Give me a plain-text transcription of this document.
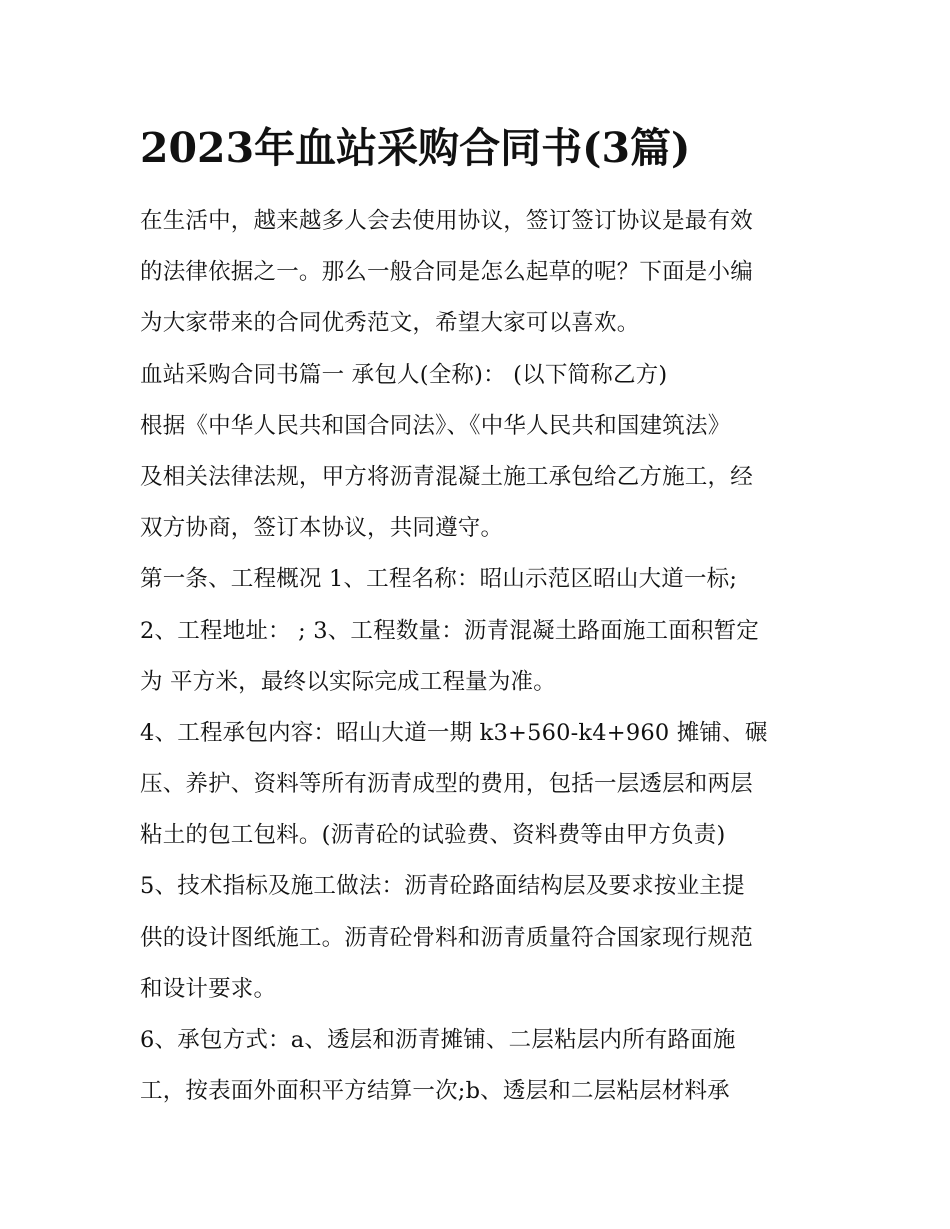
2023年血站采购合同书(3篇)
在生活中，越来越多人会去使用协议，签订签订协议是最有效
的法律依据之一。那么一般合同是怎么起草的呢？下面是小编
为大家带来的合同优秀范文，希望大家可以喜欢。
血站采购合同书篇一 承包人(全称)： (以下简称乙方)
根据《中华人民共和国合同法》、《中华人民共和国建筑法》
及相关法律法规，甲方将沥青混凝土施工承包给乙方施工，经
双方协商，签订本协议，共同遵守。
第一条、工程概况 1、工程名称：昭山示范区昭山大道一标;
2、工程地址： ; 3、工程数量：沥青混凝土路面施工面积暂定
为 平方米，最终以实际完成工程量为准。
4、工程承包内容：昭山大道一期 k3+560-k4+960 摊铺、碾
压、养护、资料等所有沥青成型的费用，包括一层透层和两层
粘土的包工包料。(沥青砼的试验费、资料费等由甲方负责)
5、技术指标及施工做法：沥青砼路面结构层及要求按业主提
供的设计图纸施工。沥青砼骨料和沥青质量符合国家现行规范
和设计要求。
6、承包方式：a、透层和沥青摊铺、二层粘层内所有路面施
工，按表面外面积平方结算一次;b、透层和二层粘层材料承
